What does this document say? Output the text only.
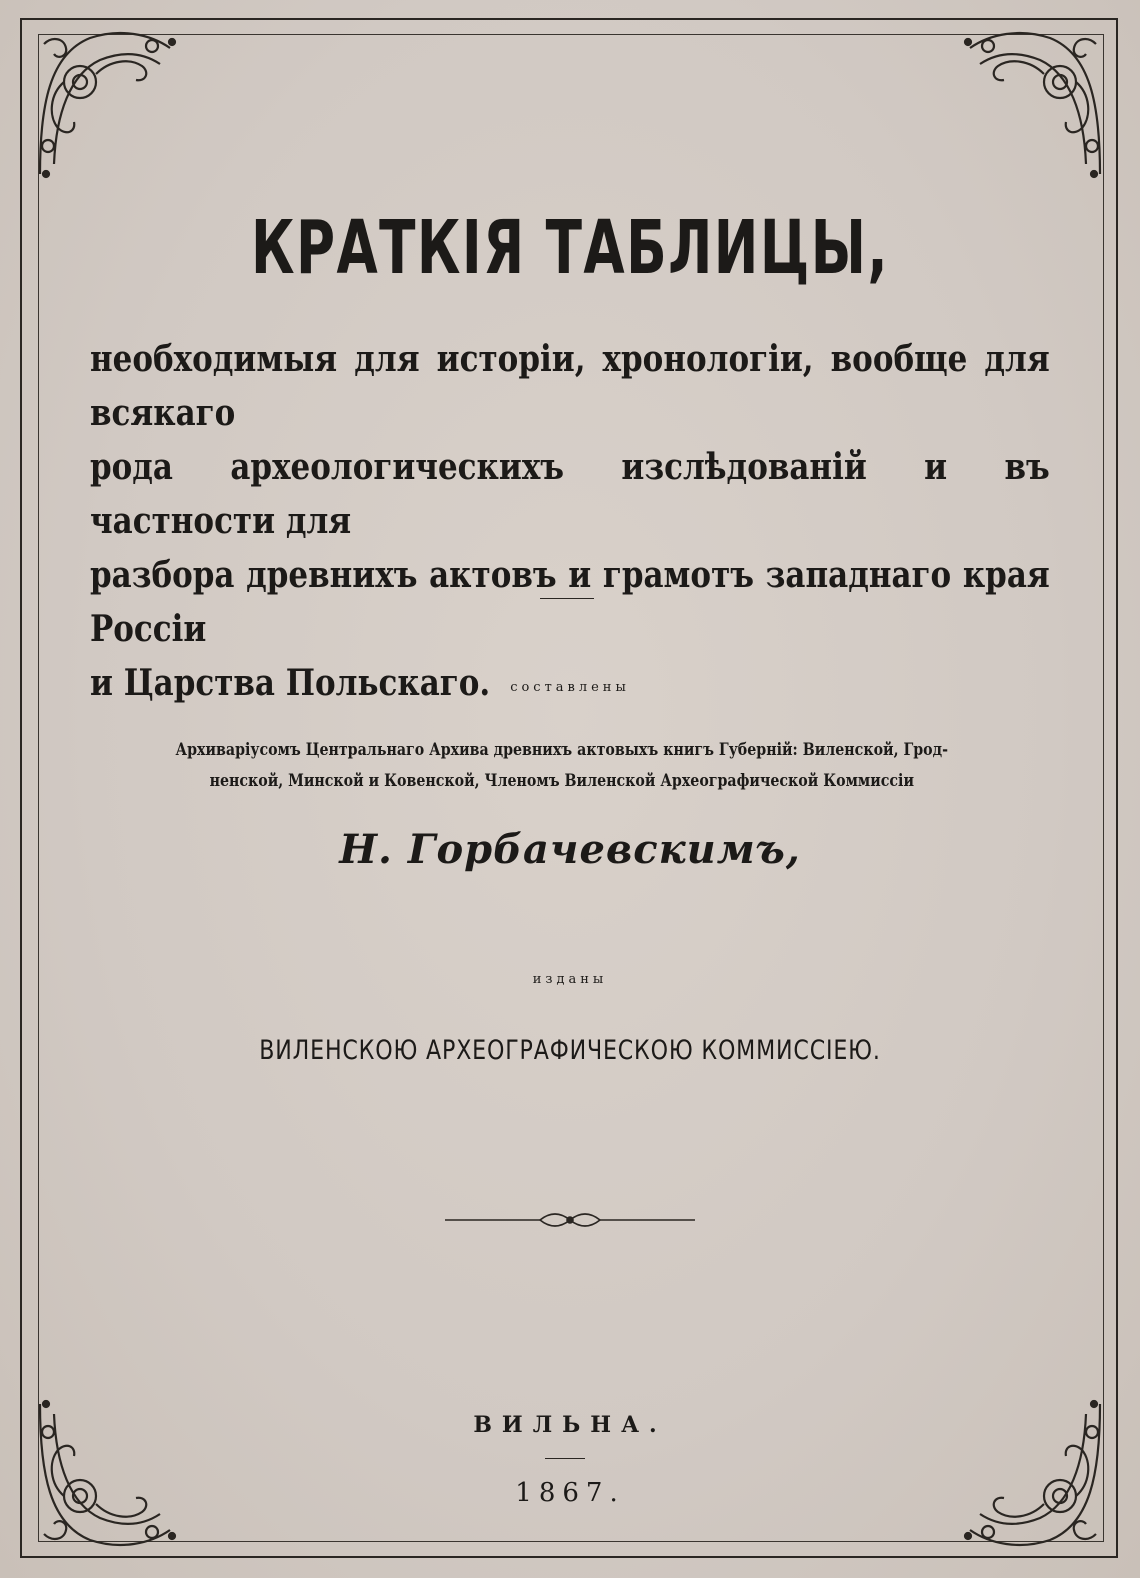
КРАТКІЯ ТАБЛИЦЫ,
необходимыя для исторіи, хронологіи, вообще для всякаго
рода археологическихъ изслѣдованій и въ частности для
разбора древнихъ актовъ и грамотъ западнаго края Россіи

и Царства Польскаго.	составлены
Архиваріусомъ Центральнаго Архива древнихъ актовыхъ книгъ Губерній: Виленской, Грод-
ненской, Минской и Ковенской, Членомъ Виленской Археографической Коммиссіи
Н. Горбачевскимъ,
изданы
ВИЛЕНСКОЮ АРХЕОГРАФИЧЕСКОЮ КОММИССІЕЮ.
ВИЛЬНА.
1867.
